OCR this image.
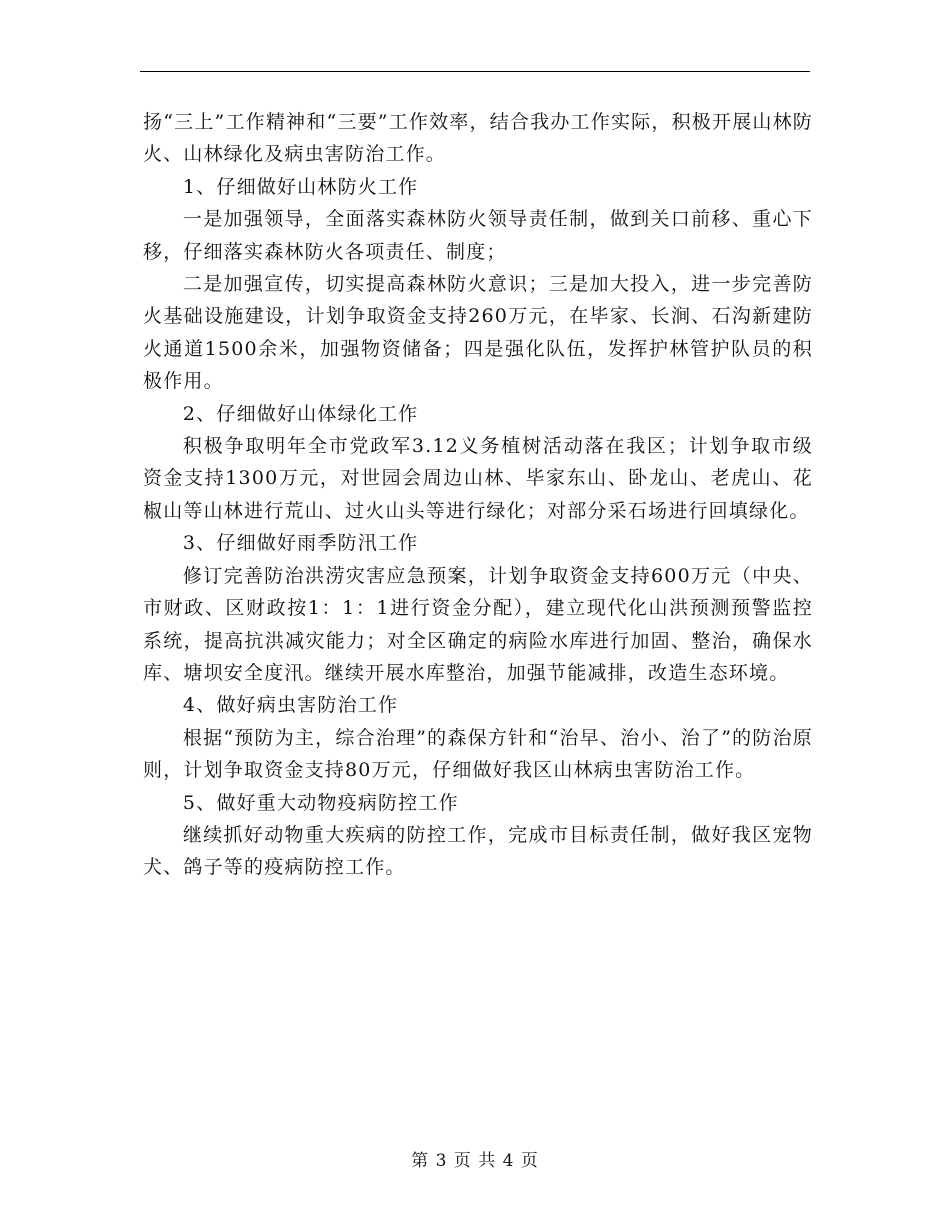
扬“三上”工作精神和“三要”工作效率，结合我办工作实际，积极开展山林防火、山林绿化及病虫害防治工作。

1、仔细做好山林防火工作

一是加强领导，全面落实森林防火领导责任制，做到关口前移、重心下移，仔细落实森林防火各项责任、制度；

二是加强宣传，切实提高森林防火意识；三是加大投入，进一步完善防火基础设施建设，计划争取资金支持260万元，在毕家、长涧、石沟新建防火通道1500余米，加强物资储备；四是强化队伍，发挥护林管护队员的积极作用。

2、仔细做好山体绿化工作

积极争取明年全市党政军3.12义务植树活动落在我区；计划争取市级资金支持1300万元，对世园会周边山林、毕家东山、卧龙山、老虎山、花椒山等山林进行荒山、过火山头等进行绿化；对部分采石场进行回填绿化。

3、仔细做好雨季防汛工作

修订完善防治洪涝灾害应急预案，计划争取资金支持600万元（中央、市财政、区财政按1：1：1进行资金分配），建立现代化山洪预测预警监控系统，提高抗洪减灾能力；对全区确定的病险水库进行加固、整治，确保水库、塘坝安全度汛。继续开展水库整治，加强节能减排，改造生态环境。

4、做好病虫害防治工作

根据“预防为主，综合治理”的森保方针和“治早、治小、治了”的防治原则，计划争取资金支持80万元，仔细做好我区山林病虫害防治工作。

5、做好重大动物疫病防控工作

继续抓好动物重大疾病的防控工作，完成市目标责任制，做好我区宠物犬、鸽子等的疫病防控工作。

第 3 页 共 4 页
